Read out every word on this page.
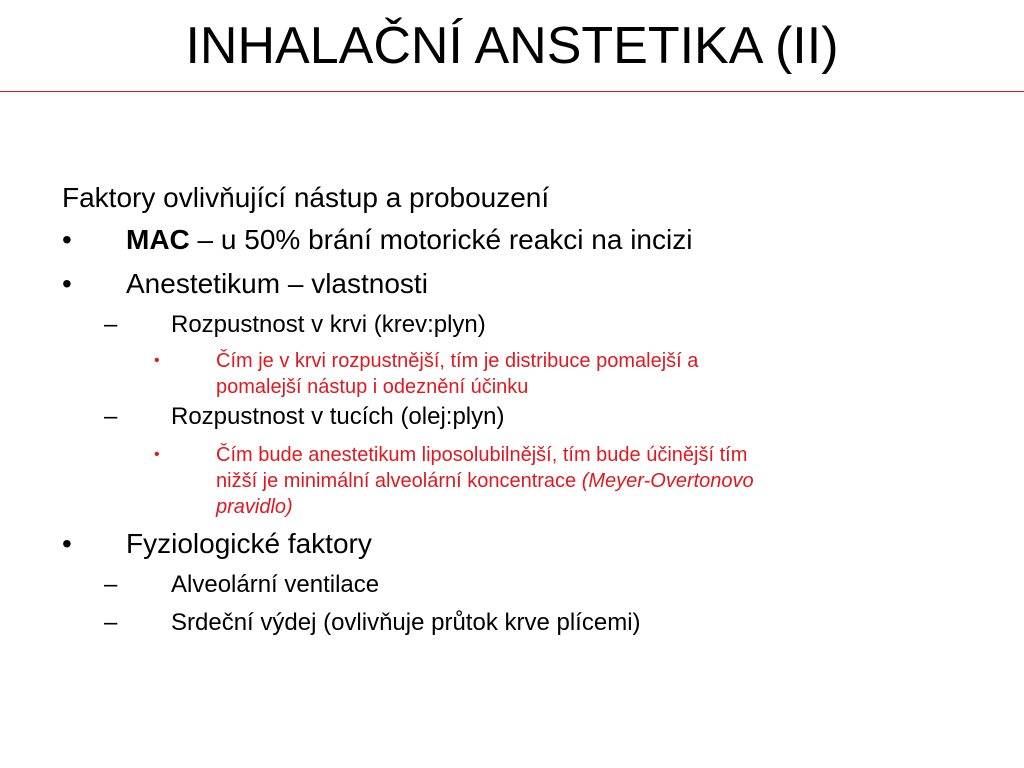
INHALAČNÍ ANSTETIKA (II)
Faktory ovlivňující nástup a probouzení
• MAC – u 50% brání motorické reakci na incizi
• Anestetikum – vlastnosti
– Rozpustnost v krvi (krev:plyn)
•	Čím je v krvi rozpustnější, tím je distribuce pomalejší a
pomalejší nástup i odeznění účinku
– Rozpustnost v tucích (olej:plyn)
•	Čím bude anestetikum liposolubilnější, tím bude účinější tím
nižší je minimální alveolární koncentrace (Meyer-Overtonovo
pravidlo)
• Fyziologické faktory
– Alveolární ventilace
– Srdeční výdej (ovlivňuje průtok krve plícemi)
